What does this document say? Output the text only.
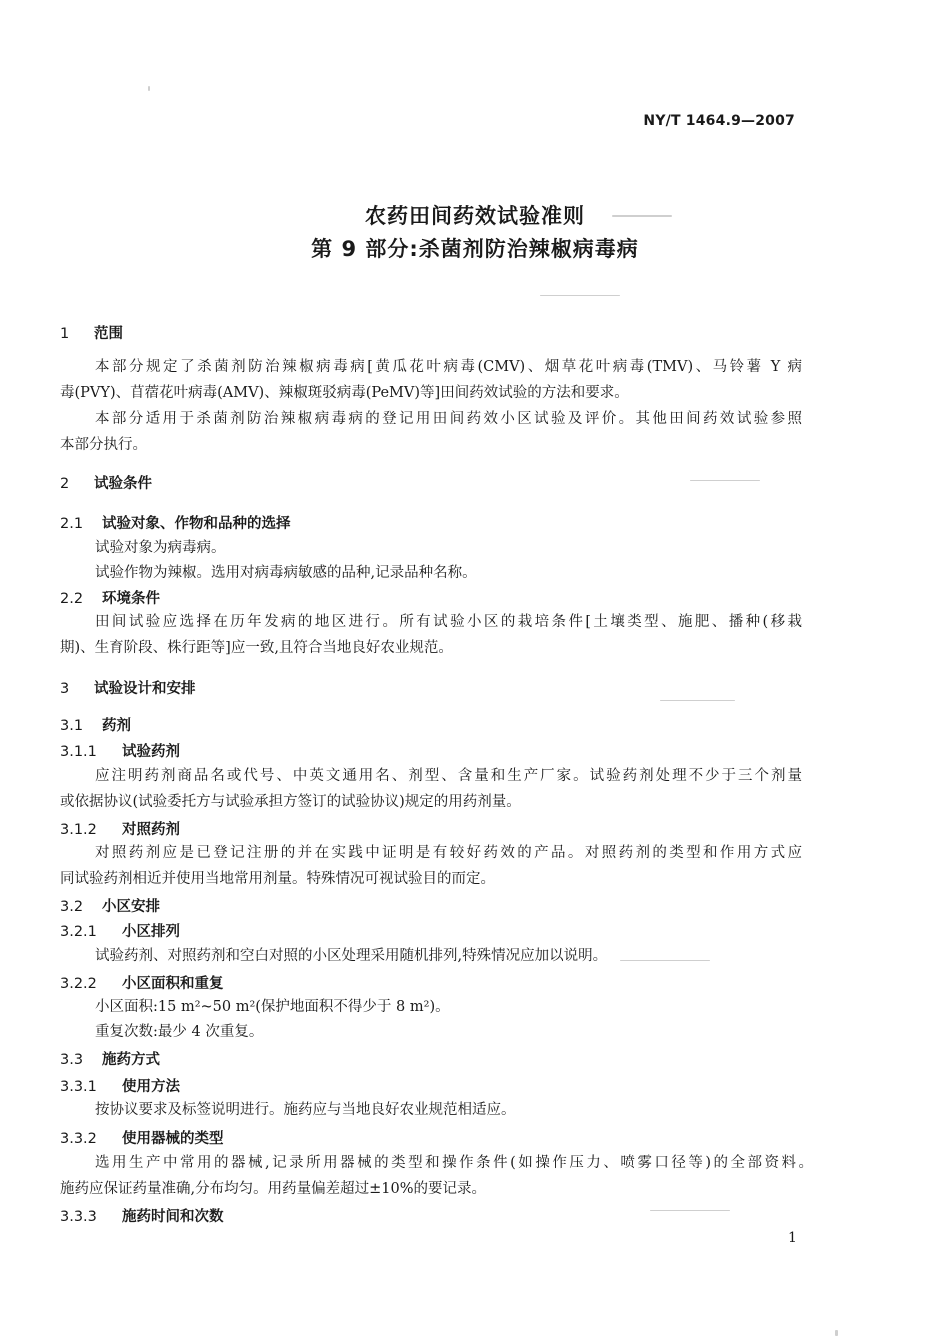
NY/T 1464.9—2007
农药田间药效试验准则
第 9 部分:杀菌剂防治辣椒病毒病
1 范围
本部分规定了杀菌剂防治辣椒病毒病[黄瓜花叶病毒(CMV)、烟草花叶病毒(TMV)、马铃薯 Y 病
毒(PVY)、苜蓿花叶病毒(AMV)、辣椒斑驳病毒(PeMV)等]田间药效试验的方法和要求。
本部分适用于杀菌剂防治辣椒病毒病的登记用田间药效小区试验及评价。其他田间药效试验参照
本部分执行。
2 试验条件
2.1 试验对象、作物和品种的选择
试验对象为病毒病。
试验作物为辣椒。选用对病毒病敏感的品种,记录品种名称。
2.2 环境条件
田间试验应选择在历年发病的地区进行。所有试验小区的栽培条件[土壤类型、施肥、播种(移栽
期)、生育阶段、株行距等]应一致,且符合当地良好农业规范。
3 试验设计和安排
3.1 药剂
3.1.1 试验药剂
应注明药剂商品名或代号、中英文通用名、剂型、含量和生产厂家。试验药剂处理不少于三个剂量
或依据协议(试验委托方与试验承担方签订的试验协议)规定的用药剂量。
3.1.2 对照药剂
对照药剂应是已登记注册的并在实践中证明是有较好药效的产品。对照药剂的类型和作用方式应
同试验药剂相近并使用当地常用剂量。特殊情况可视试验目的而定。
3.2 小区安排
3.2.1 小区排列
试验药剂、对照药剂和空白对照的小区处理采用随机排列,特殊情况应加以说明。
3.2.2 小区面积和重复
小区面积:15 m²~50 m²(保护地面积不得少于 8 m²)。
重复次数:最少 4 次重复。
3.3 施药方式
3.3.1 使用方法
按协议要求及标签说明进行。施药应与当地良好农业规范相适应。
3.3.2 使用器械的类型
选用生产中常用的器械,记录所用器械的类型和操作条件(如操作压力、喷雾口径等)的全部资料。
施药应保证药量准确,分布均匀。用药量偏差超过±10%的要记录。
3.3.3 施药时间和次数
1
